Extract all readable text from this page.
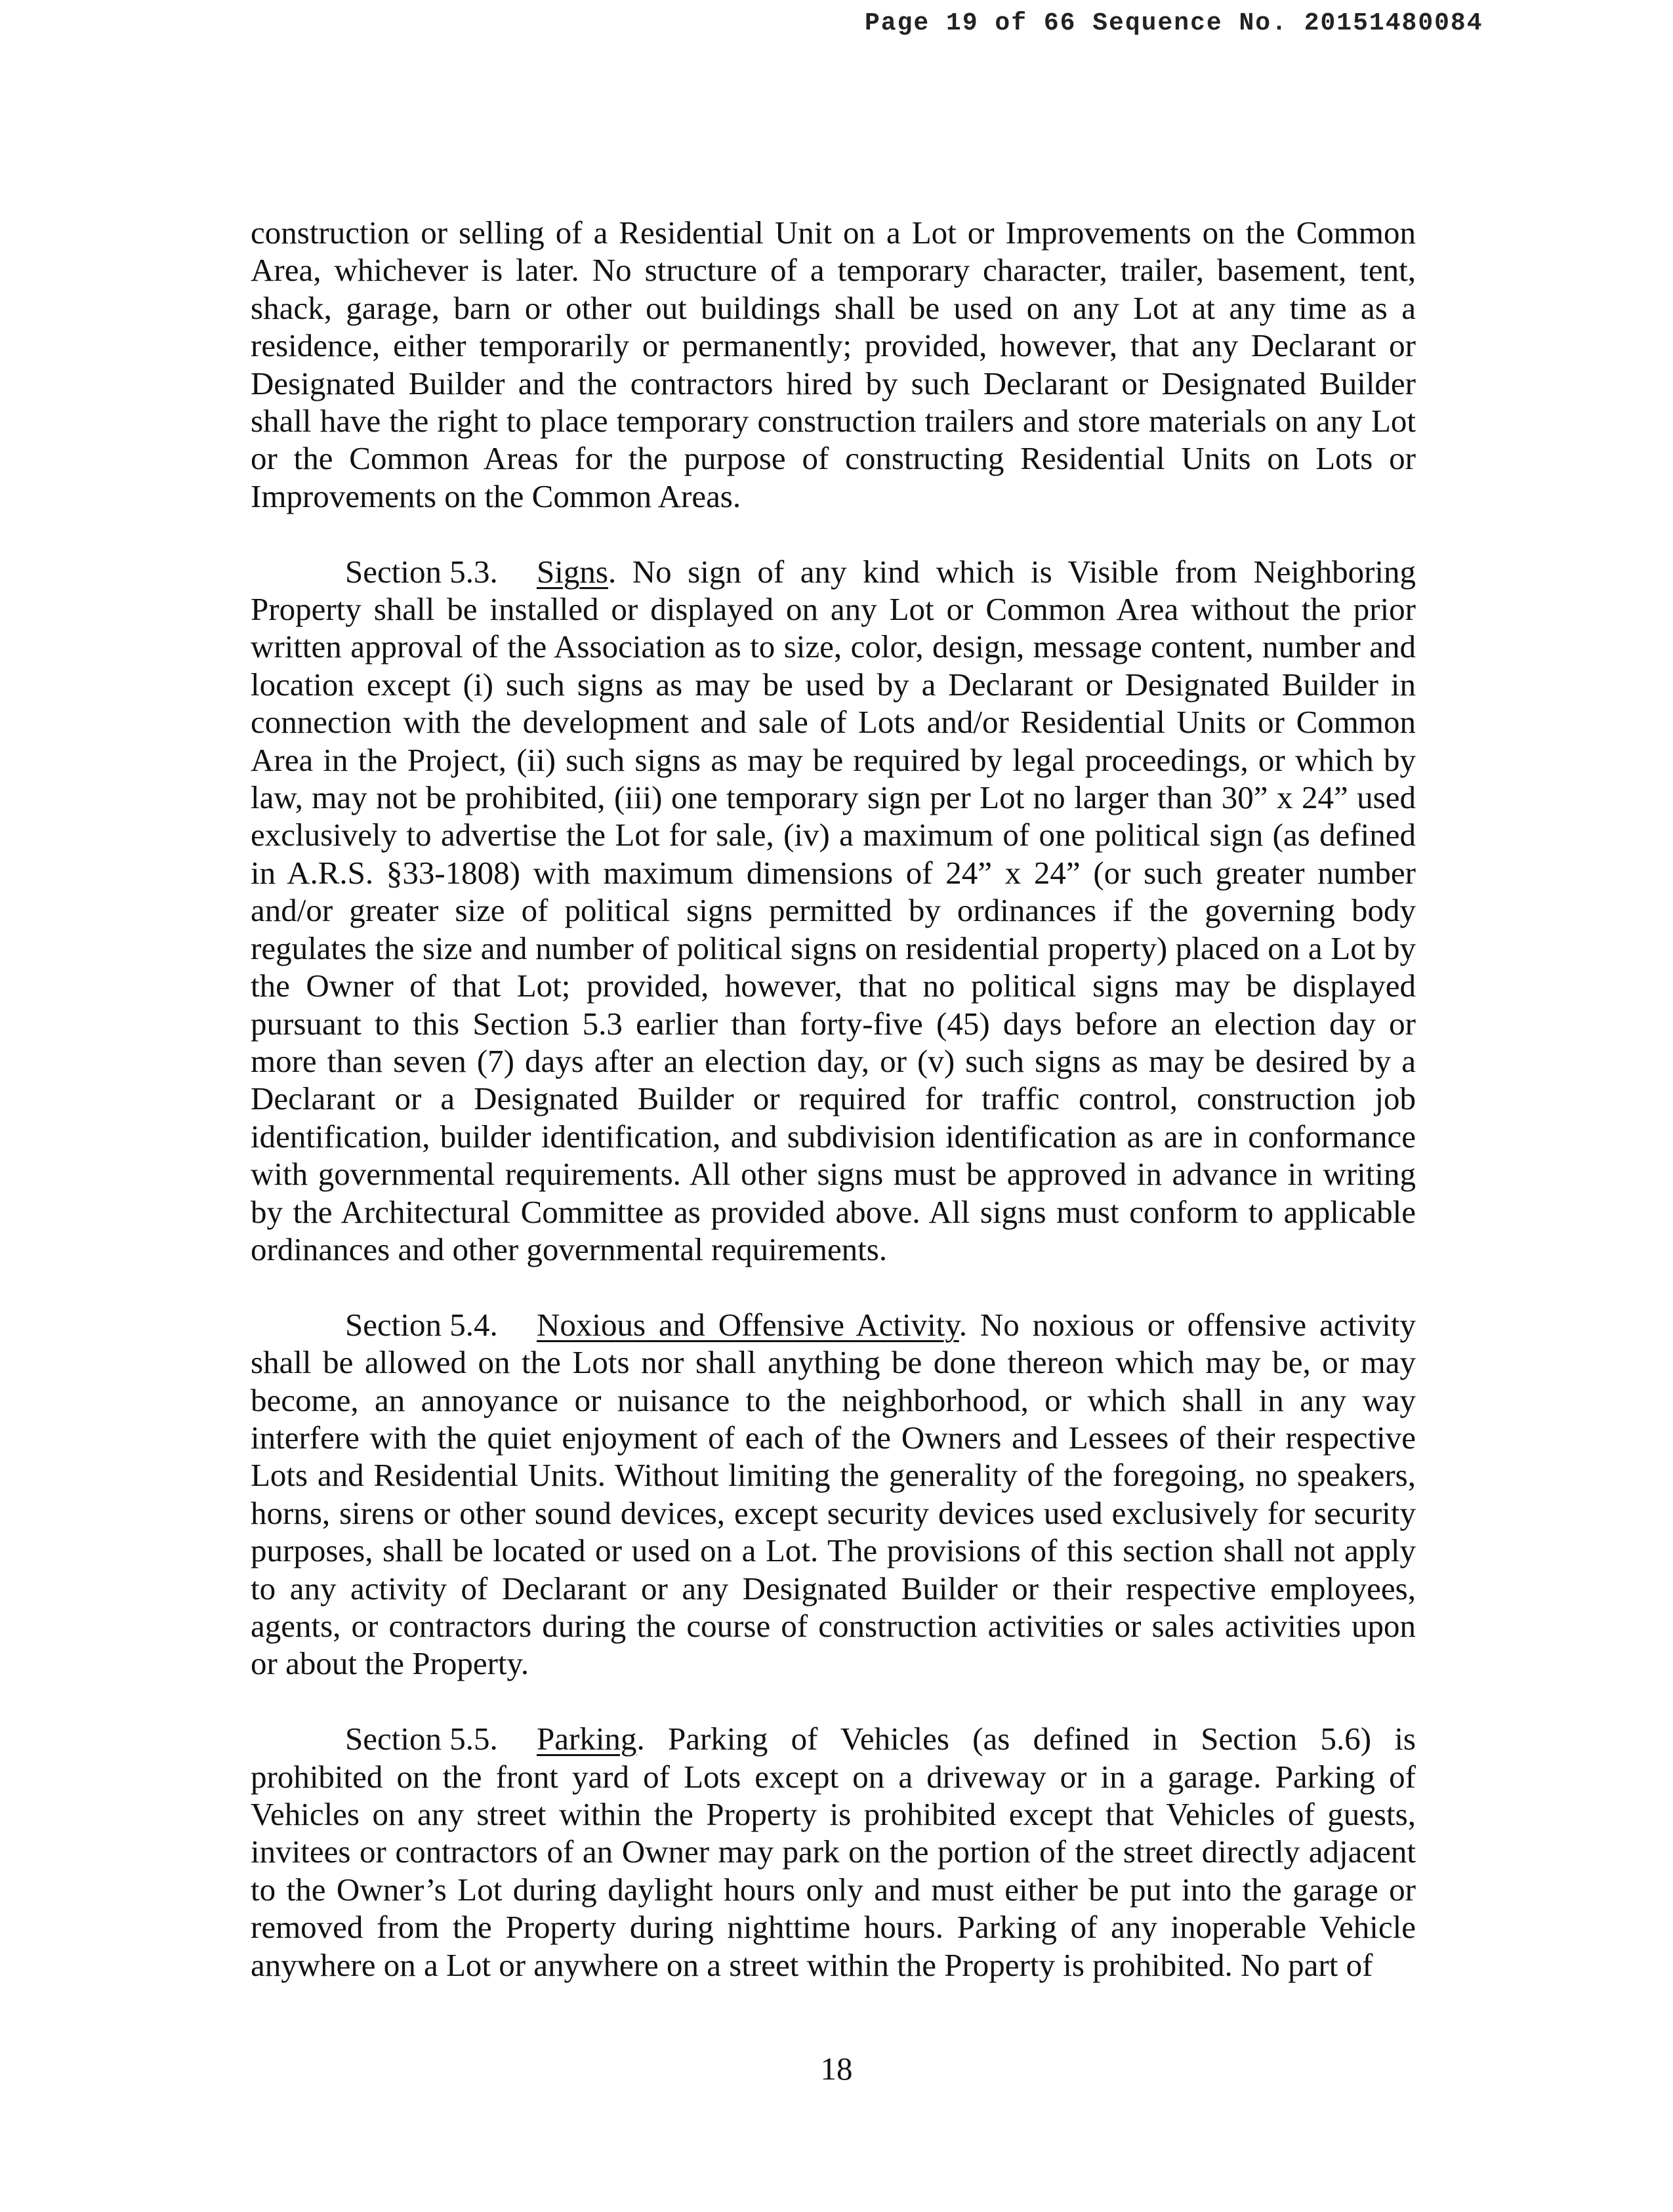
Page 19 of 66 Sequence No. 20151480084

construction or selling of a Residential Unit on a Lot or Improvements on the Common Area, whichever is later. No structure of a temporary character, trailer, basement, tent, shack, garage, barn or other out buildings shall be used on any Lot at any time as a residence, either temporarily or permanently; provided, however, that any Declarant or Designated Builder and the contractors hired by such Declarant or Designated Builder shall have the right to place temporary construction trailers and store materials on any Lot or the Common Areas for the purpose of constructing Residential Units on Lots or Improvements on the Common Areas.

Section 5.3. Signs. No sign of any kind which is Visible from Neighboring Property shall be installed or displayed on any Lot or Common Area without the prior written approval of the Association as to size, color, design, message content, number and location except (i) such signs as may be used by a Declarant or Designated Builder in connection with the development and sale of Lots and/or Residential Units or Common Area in the Project, (ii) such signs as may be required by legal proceedings, or which by law, may not be prohibited, (iii) one temporary sign per Lot no larger than 30” x 24” used exclusively to advertise the Lot for sale, (iv) a maximum of one political sign (as defined in A.R.S. §33-1808) with maximum dimensions of 24” x 24” (or such greater number and/or greater size of political signs permitted by ordinances if the governing body regulates the size and number of political signs on residential property) placed on a Lot by the Owner of that Lot; provided, however, that no political signs may be displayed pursuant to this Section 5.3 earlier than forty-five (45) days before an election day or more than seven (7) days after an election day, or (v) such signs as may be desired by a Declarant or a Designated Builder or required for traffic control, construction job identification, builder identification, and subdivision identification as are in conformance with governmental requirements. All other signs must be approved in advance in writing by the Architectural Committee as provided above. All signs must conform to applicable ordinances and other governmental requirements.

Section 5.4. Noxious and Offensive Activity. No noxious or offensive activity shall be allowed on the Lots nor shall anything be done thereon which may be, or may become, an annoyance or nuisance to the neighborhood, or which shall in any way interfere with the quiet enjoyment of each of the Owners and Lessees of their respective Lots and Residential Units. Without limiting the generality of the foregoing, no speakers, horns, sirens or other sound devices, except security devices used exclusively for security purposes, shall be located or used on a Lot. The provisions of this section shall not apply to any activity of Declarant or any Designated Builder or their respective employees, agents, or contractors during the course of construction activities or sales activities upon or about the Property.

Section 5.5. Parking. Parking of Vehicles (as defined in Section 5.6) is prohibited on the front yard of Lots except on a driveway or in a garage. Parking of Vehicles on any street within the Property is prohibited except that Vehicles of guests, invitees or contractors of an Owner may park on the portion of the street directly adjacent to the Owner’s Lot during daylight hours only and must either be put into the garage or removed from the Property during nighttime hours. Parking of any inoperable Vehicle anywhere on a Lot or anywhere on a street within the Property is prohibited. No part of

18
